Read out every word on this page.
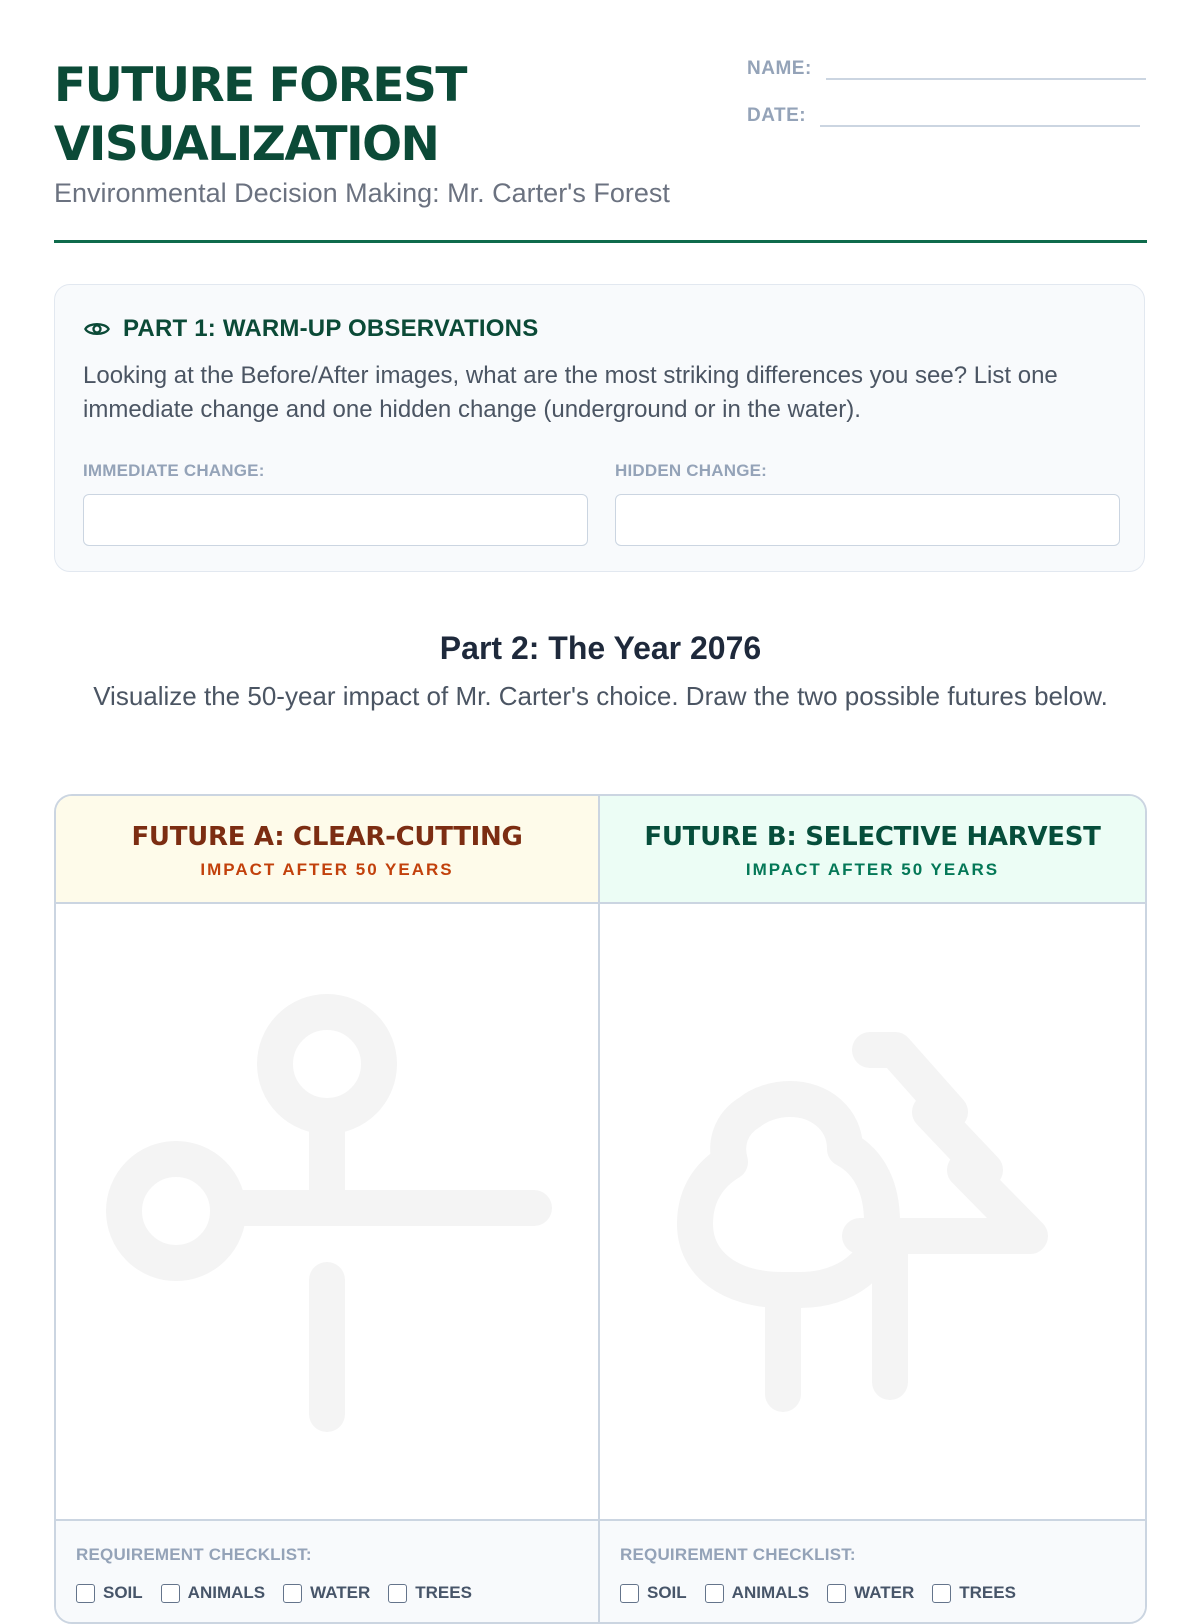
FUTURE FOREST
VISUALIZATION
Environmental Decision Making: Mr. Carter's Forest
NAME:
DATE:
PART 1: WARM-UP OBSERVATIONS
Looking at the Before/After images, what are the most striking differences you see? List one immediate change and one hidden change (underground or in the water).
IMMEDIATE CHANGE:	HIDDEN CHANGE:
Part 2: The Year 2076
Visualize the 50-year impact of Mr. Carter's choice. Draw the two possible futures below.
FUTURE A: CLEAR-CUTTING
IMPACT AFTER 50 YEARS
REQUIREMENT CHECKLIST:
SOIL	ANIMALS	WATER	TREES
FUTURE B: SELECTIVE HARVEST
IMPACT AFTER 50 YEARS
REQUIREMENT CHECKLIST:
SOIL	ANIMALS	WATER	TREES
